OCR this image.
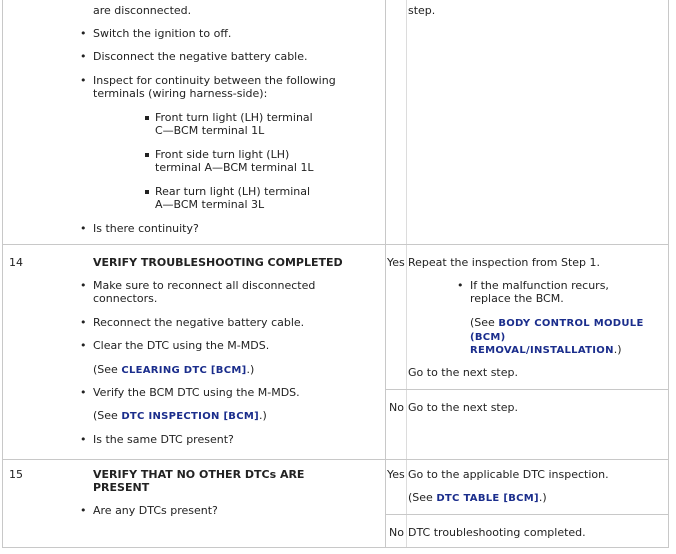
are disconnected.
• Switch the ignition to off.
• Disconnect the negative battery cable.
• Inspect for continuity between the following
terminals (wiring harness-side):
Front turn light (LH) terminal
C—BCM terminal 1L
Front side turn light (LH)
terminal A—BCM terminal 1L
Rear turn light (LH) terminal
A—BCM terminal 3L
• Is there continuity?
step.
14	VERIFY TROUBLESHOOTING COMPLETED
• Make sure to reconnect all disconnected
connectors.
• Reconnect the negative battery cable.
• Clear the DTC using the M-MDS.
(See CLEARING DTC [BCM].)
• Verify the BCM DTC using the M-MDS.
(See DTC INSPECTION [BCM].)
• Is the same DTC present?
Yes Repeat the inspection from Step 1.
• If the malfunction recurs,
replace the BCM.
(See BODY CONTROL MODULE
(BCM)
REMOVAL/INSTALLATION.)
Go to the next step.
No Go to the next step.
15	VERIFY THAT NO OTHER DTCs ARE
PRESENT
• Are any DTCs present?
Yes Go to the applicable DTC inspection.
(See DTC TABLE [BCM].)
No DTC troubleshooting completed.
